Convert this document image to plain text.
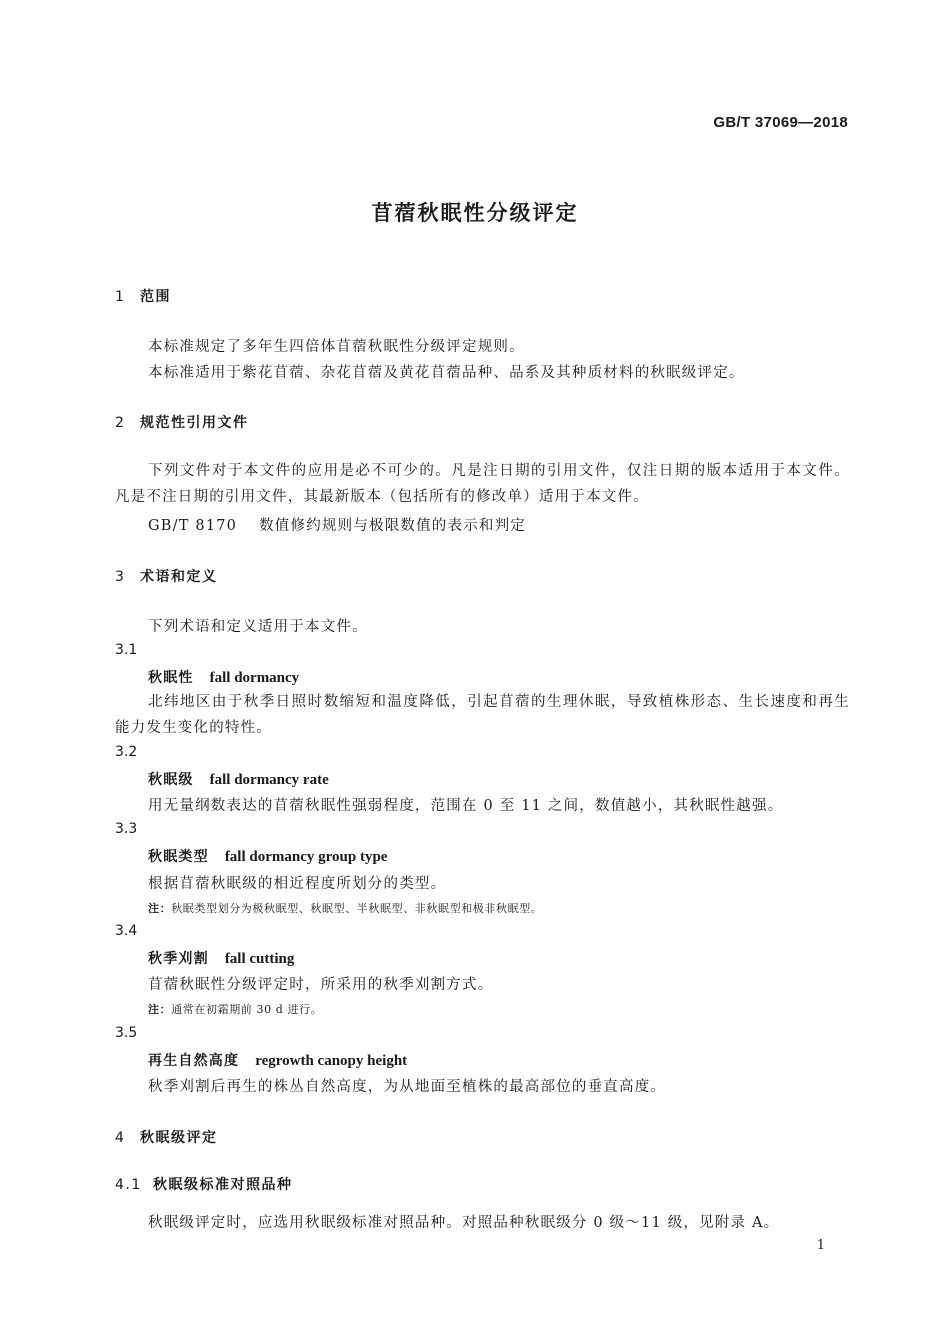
GB/T 37069—2018
苜蓿秋眠性分级评定
1 范围
本标准规定了多年生四倍体苜蓿秋眠性分级评定规则。
本标准适用于紫花苜蓿、杂花苜蓿及黄花苜蓿品种、品系及其种质材料的秋眠级评定。
2 规范性引用文件
下列文件对于本文件的应用是必不可少的。凡是注日期的引用文件，仅注日期的版本适用于本文件。凡是不注日期的引用文件，其最新版本（包括所有的修改单）适用于本文件。
GB/T 8170 数值修约规则与极限数值的表示和判定
3 术语和定义
下列术语和定义适用于本文件。
3.1
秋眠性 fall dormancy
北纬地区由于秋季日照时数缩短和温度降低，引起苜蓿的生理休眠，导致植株形态、生长速度和再生能力发生变化的特性。
3.2
秋眠级 fall dormancy rate
用无量纲数表达的苜蓿秋眠性强弱程度，范围在 0 至 11 之间，数值越小，其秋眠性越强。
3.3
秋眠类型 fall dormancy group type
根据苜蓿秋眠级的相近程度所划分的类型。
注：秋眠类型划分为极秋眠型、秋眠型、半秋眠型、非秋眠型和极非秋眠型。
3.4
秋季刈割 fall cutting
苜蓿秋眠性分级评定时，所采用的秋季刈割方式。
注：通常在初霜期前 30 d 进行。
3.5
再生自然高度 regrowth canopy height
秋季刈割后再生的株丛自然高度，为从地面至植株的最高部位的垂直高度。
4 秋眠级评定
4.1 秋眠级标准对照品种
秋眠级评定时，应选用秋眠级标准对照品种。对照品种秋眠级分 0 级～11 级，见附录 A。
1
